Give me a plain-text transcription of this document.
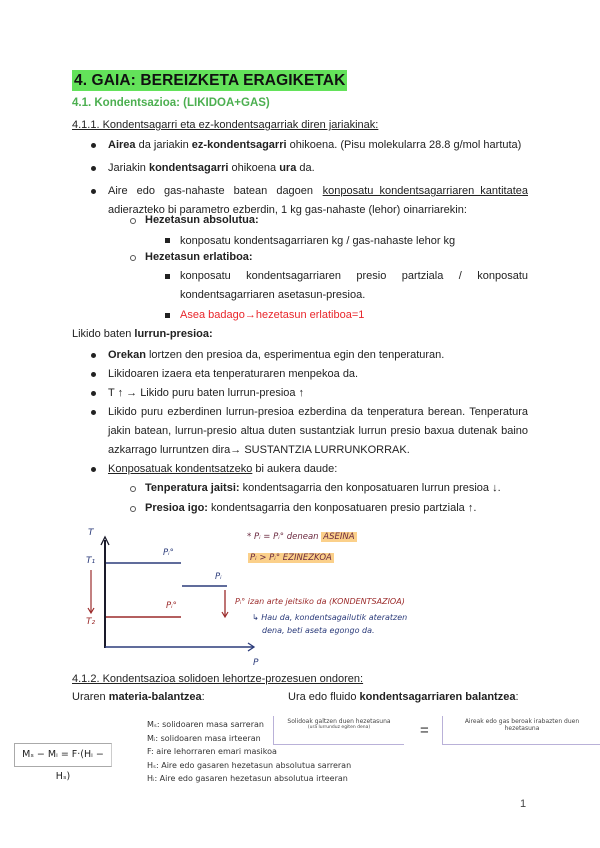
4. GAIA: BEREIZKETA ERAGIKETAK
4.1. Kondentsazioa: (LIKIDOA+GAS)
4.1.1. Kondentsagarri eta ez-kondentsagarriak diren jariakinak:
Airea da jariakin ez-kondentsagarri ohikoena. (Pisu molekularra 28.8 g/mol hartuta)
Jariakin kondentsagarri ohikoena ura da.
Aire edo gas-nahaste batean dagoen konposatu kondentsagarriaren kantitatea
adierazteko bi parametro ezberdin, 1 kg gas-nahaste (lehor) oinarriarekin:
Hezetasun absolutua:
konposatu kondentsagarriaren kg / gas-nahaste lehor kg
Hezetasun erlatiboa:
konposatu kondentsagarriaren presio partziala / konposatu
kondentsagarriaren asetasun-presioa.
Asea badago→hezetasun erlatiboa=1
Likido baten lurrun-presioa:
Orekan lortzen den presioa da, esperimentua egin den tenperaturan.
Likidoaren izaera eta tenperaturaren menpekoa da.
T ↑ → Likido puru baten lurrun-presioa ↑
Likido puru ezberdinen lurrun-presioa ezberdina da tenperatura berean. Tenperatura
jakin batean, lurrun-presio altua duten sustantziak lurrun presio baxua dutenak baino
azkarrago lurruntzen dira→ SUSTANTZIA LURRUNKORRAK.
Konposatuak kondentsatzeko bi aukera daude:
Tenperatura jaitsi: kondentsagarria den konposatuaren lurrun presioa ↓.
Presioa igo: kondentsagarria den konposatuaren presio partziala ↑.
T
T₁
T₂
Pᵢ°
Pᵢ
Pᵢ°
P
* Pᵢ = Pᵢ° denean ASEINA
Pᵢ > Pᵢ° EZINEZKOA
Pᵢ° izan arte jeitsiko da (KONDENTSAZIOA)
↳ Hau da, kondentsagailutik ateratzen
dena, beti aseta egongo da.
4.1.2. Kondentsazioa solidoen lehortze-prozesuen ondoren:
Uraren materia-balantzea:	Ura edo fluido kondentsagarriaren balantzea:
Mₛ − Mᵢ = F·(Hᵢ − Hₛ)
Mₛ: solidoaren masa sarreran
Mᵢ: solidoaren masa irteeran
F: aire lehorraren emari masikoa
Hₛ: Aire edo gasaren hezetasun absolutua sarreran
Hᵢ: Aire edo gasaren hezetasun absolutua irteeran
Solidoak galtzen duen hezetasuna
(ura lurrunduz egiten dena)	=
Aireak edo gas beroak irabazten duen
hezetasuna
1
